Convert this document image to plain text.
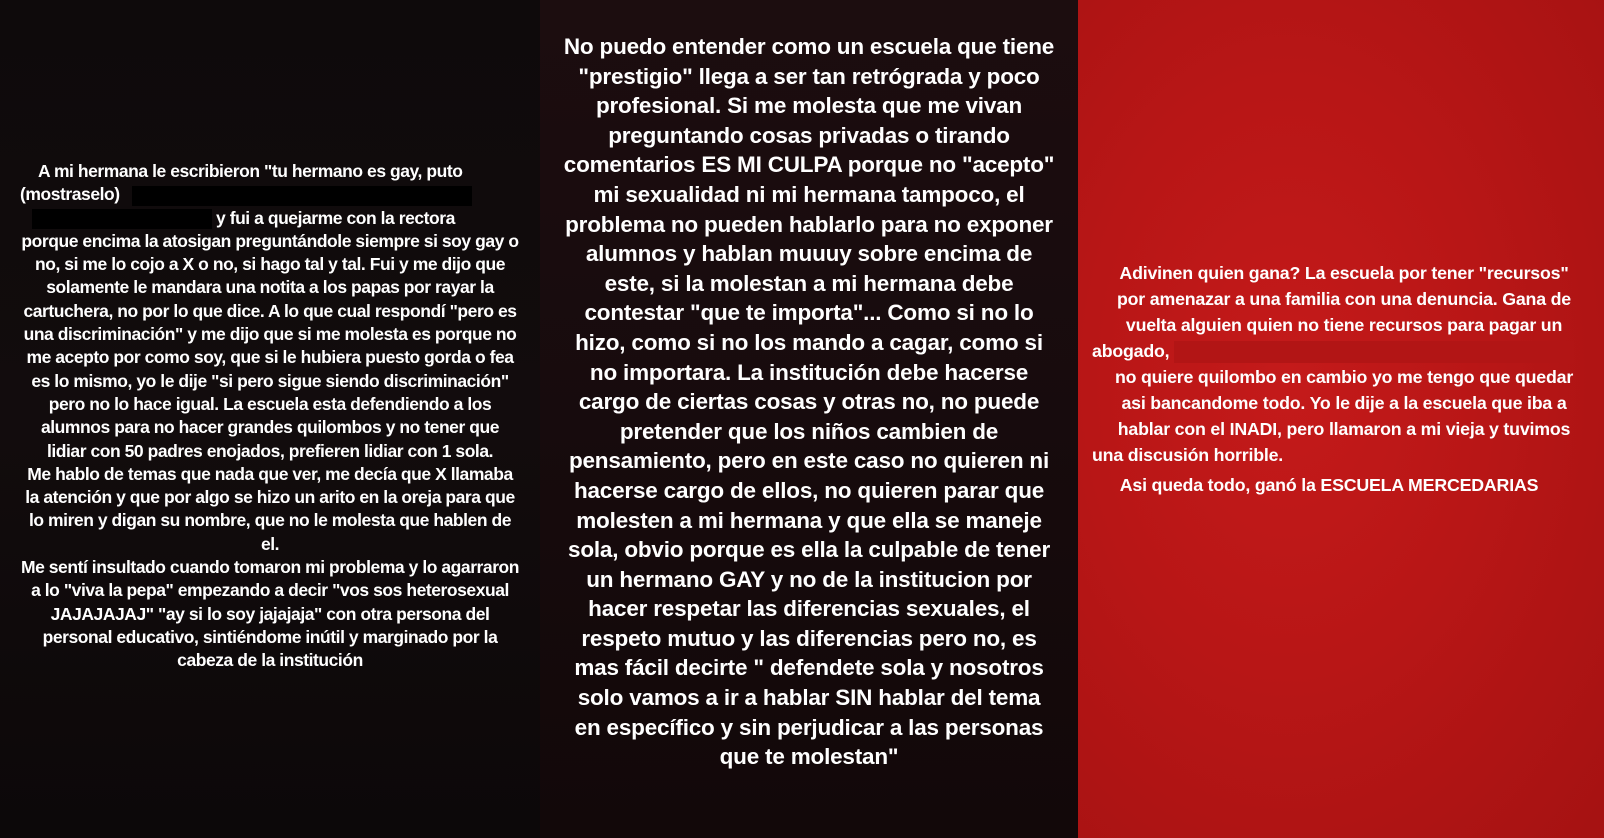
A mi hermana le escribieron "tu hermano es gay, puto
(mostraselo)
y fui a quejarme con la rectora

porque encima la atosigan preguntándole siempre si soy gay o no, si me lo cojo a X o no, si hago tal y tal. Fui y me dijo que solamente le mandara una notita a los papas por rayar la cartuchera, no por lo que dice. A lo que cual respondí "pero es una discriminación" y me dijo que si me molesta es porque no me acepto por como soy, que si le hubiera puesto gorda o fea es lo mismo, yo le dije "si pero sigue siendo discriminación" pero no lo hace igual. La escuela esta defendiendo a los alumnos para no hacer grandes quilombos y no tener que lidiar con 50 padres enojados, prefieren lidiar con 1 sola.

Me hablo de temas que nada que ver, me decía que X llamaba la atención y que por algo se hizo un arito en la oreja para que lo miren y digan su nombre, que no le molesta que hablen de el.

Me sentí insultado cuando tomaron mi problema y lo agarraron a lo "viva la pepa" empezando a decir "vos sos heterosexual JAJAJAJAJ" "ay si lo soy jajajaja" con otra persona del personal educativo, sintiéndome inútil y marginado por la cabeza de la institución

No puedo entender como un escuela que tiene "prestigio" llega a ser tan retrógrada y poco profesional. Si me molesta que me vivan preguntando cosas privadas o tirando comentarios ES MI CULPA porque no "acepto" mi sexualidad ni mi hermana tampoco, el problema no pueden hablarlo para no exponer alumnos y hablan muuuy sobre encima de este, si la molestan a mi hermana debe contestar "que te importa"... Como si no lo hizo, como si no los mando a cagar, como si no importara. La institución debe hacerse cargo de ciertas cosas y otras no, no puede pretender que los niños cambien de pensamiento, pero en este caso no quieren ni hacerse cargo de ellos, no quieren parar que molesten a mi hermana y que ella se maneje sola, obvio porque es ella la culpable de tener un hermano GAY y no de la institucion por hacer respetar las diferencias sexuales, el respeto mutuo y las diferencias pero no, es mas fácil decirte " defendete sola y nosotros solo vamos a ir a hablar SIN hablar del tema en específico y sin perjudicar a las personas que te molestan"

Adivinen quien gana? La escuela por tener "recursos"
por amenazar a una familia con una denuncia. Gana de
vuelta alguien quien no tiene recursos para pagar un
abogado,
no quiere quilombo en cambio yo me tengo que quedar
asi bancandome todo. Yo le dije a la escuela que iba a
hablar con el INADI, pero llamaron a mi vieja y tuvimos
una discusión horrible.
Asi queda todo, ganó la ESCUELA MERCEDARIAS
